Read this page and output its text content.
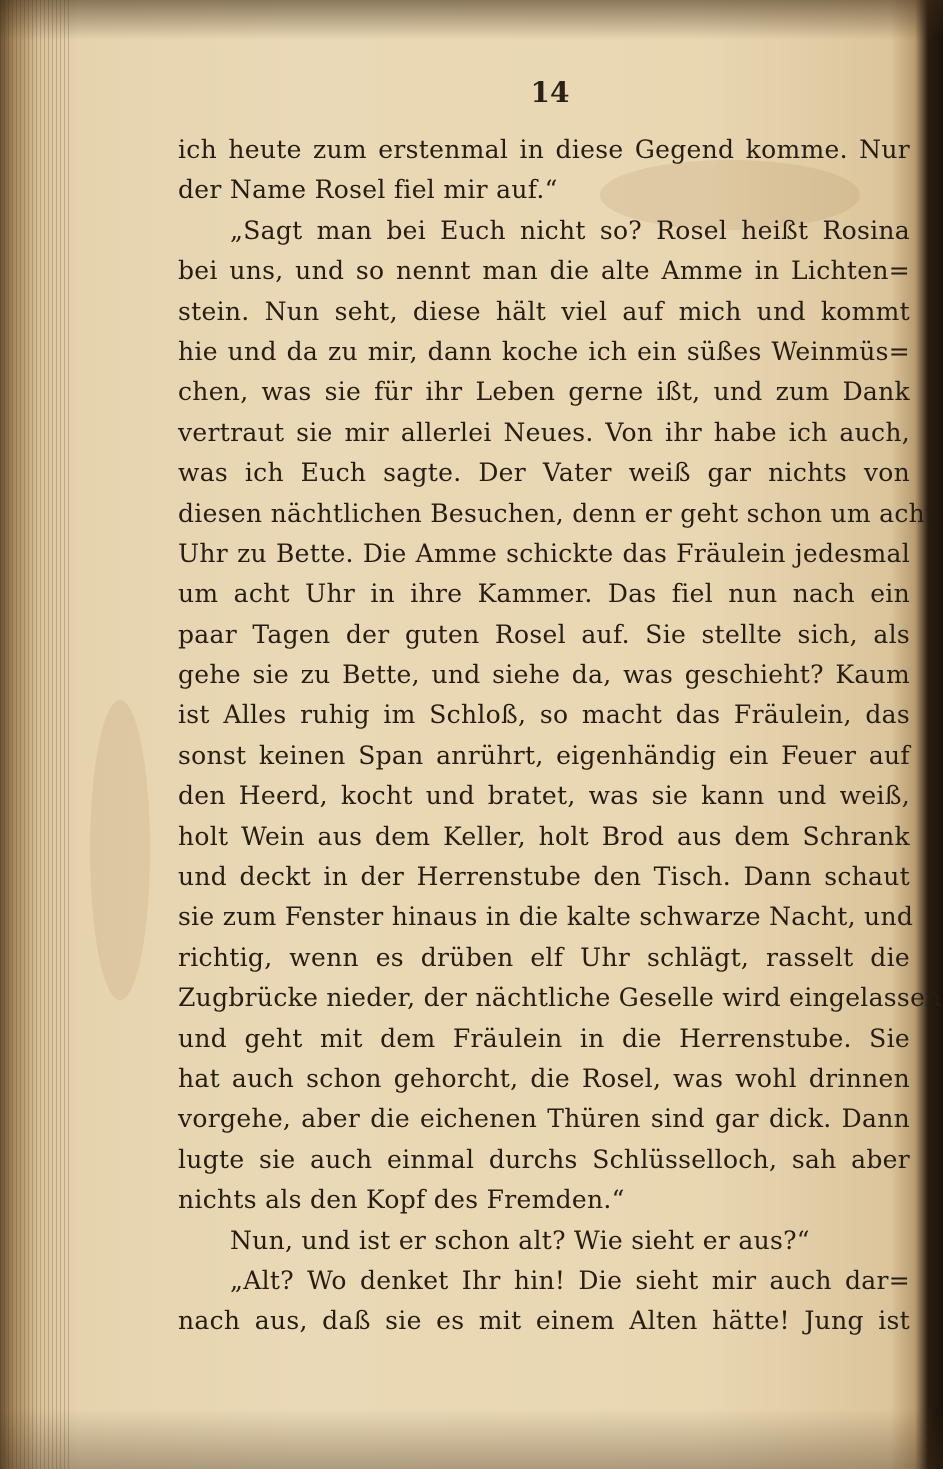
14
ich heute zum erstenmal in diese Gegend komme. Nur
der Name Rosel fiel mir auf.“
„Sagt man bei Euch nicht so? Rosel heißt Rosina
bei uns, und so nennt man die alte Amme in Lichten=
stein. Nun seht, diese hält viel auf mich und kommt
hie und da zu mir, dann koche ich ein süßes Weinmüs=
chen, was sie für ihr Leben gerne ißt, und zum Dank
vertraut sie mir allerlei Neues. Von ihr habe ich auch,
was ich Euch sagte. Der Vater weiß gar nichts von
diesen nächtlichen Besuchen, denn er geht schon um acht
Uhr zu Bette. Die Amme schickte das Fräulein jedesmal
um acht Uhr in ihre Kammer. Das fiel nun nach ein
paar Tagen der guten Rosel auf. Sie stellte sich, als
gehe sie zu Bette, und siehe da, was geschieht? Kaum
ist Alles ruhig im Schloß, so macht das Fräulein, das
sonst keinen Span anrührt, eigenhändig ein Feuer auf
den Heerd, kocht und bratet, was sie kann und weiß,
holt Wein aus dem Keller, holt Brod aus dem Schrank
und deckt in der Herrenstube den Tisch. Dann schaut
sie zum Fenster hinaus in die kalte schwarze Nacht, und
richtig, wenn es drüben elf Uhr schlägt, rasselt die
Zugbrücke nieder, der nächtliche Geselle wird eingelassen
und geht mit dem Fräulein in die Herrenstube. Sie
hat auch schon gehorcht, die Rosel, was wohl drinnen
vorgehe, aber die eichenen Thüren sind gar dick. Dann
lugte sie auch einmal durchs Schlüsselloch, sah aber
nichts als den Kopf des Fremden.“
Nun, und ist er schon alt? Wie sieht er aus?“
„Alt? Wo denket Ihr hin! Die sieht mir auch dar=
nach aus, daß sie es mit einem Alten hätte! Jung ist
